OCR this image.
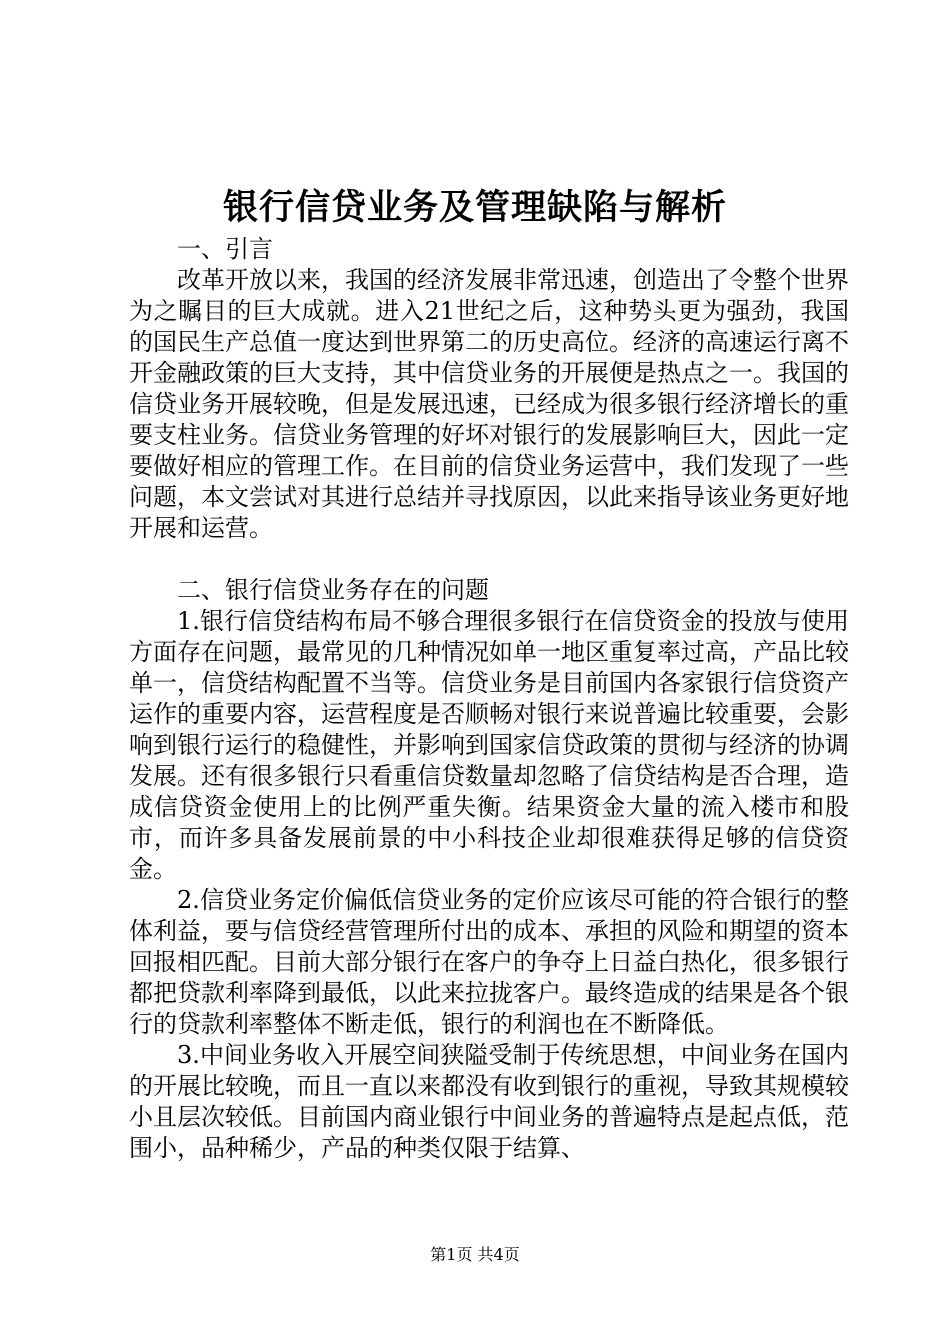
银行信贷业务及管理缺陷与解析
一、引言

改革开放以来，我国的经济发展非常迅速，创造出了令整个世界为之瞩目的巨大成就。进入21世纪之后，这种势头更为强劲，我国的国民生产总值一度达到世界第二的历史高位。经济的高速运行离不开金融政策的巨大支持，其中信贷业务的开展便是热点之一。我国的信贷业务开展较晚，但是发展迅速，已经成为很多银行经济增长的重要支柱业务。信贷业务管理的好坏对银行的发展影响巨大，因此一定要做好相应的管理工作。在目前的信贷业务运营中，我们发现了一些问题，本文尝试对其进行总结并寻找原因，以此来指导该业务更好地开展和运营。

二、银行信贷业务存在的问题

1.银行信贷结构布局不够合理很多银行在信贷资金的投放与使用方面存在问题，最常见的几种情况如单一地区重复率过高，产品比较单一，信贷结构配置不当等。信贷业务是目前国内各家银行信贷资产运作的重要内容，运营程度是否顺畅对银行来说普遍比较重要，会影响到银行运行的稳健性，并影响到国家信贷政策的贯彻与经济的协调发展。还有很多银行只看重信贷数量却忽略了信贷结构是否合理，造成信贷资金使用上的比例严重失衡。结果资金大量的流入楼市和股市，而许多具备发展前景的中小科技企业却很难获得足够的信贷资金。

2.信贷业务定价偏低信贷业务的定价应该尽可能的符合银行的整体利益，要与信贷经营管理所付出的成本、承担的风险和期望的资本回报相匹配。目前大部分银行在客户的争夺上日益白热化，很多银行都把贷款利率降到最低，以此来拉拢客户。最终造成的结果是各个银行的贷款利率整体不断走低，银行的利润也在不断降低。

3.中间业务收入开展空间狭隘受制于传统思想，中间业务在国内的开展比较晚，而且一直以来都没有收到银行的重视，导致其规模较小且层次较低。目前国内商业银行中间业务的普遍特点是起点低，范围小，品种稀少，产品的种类仅限于结算、

第1页 共4页
